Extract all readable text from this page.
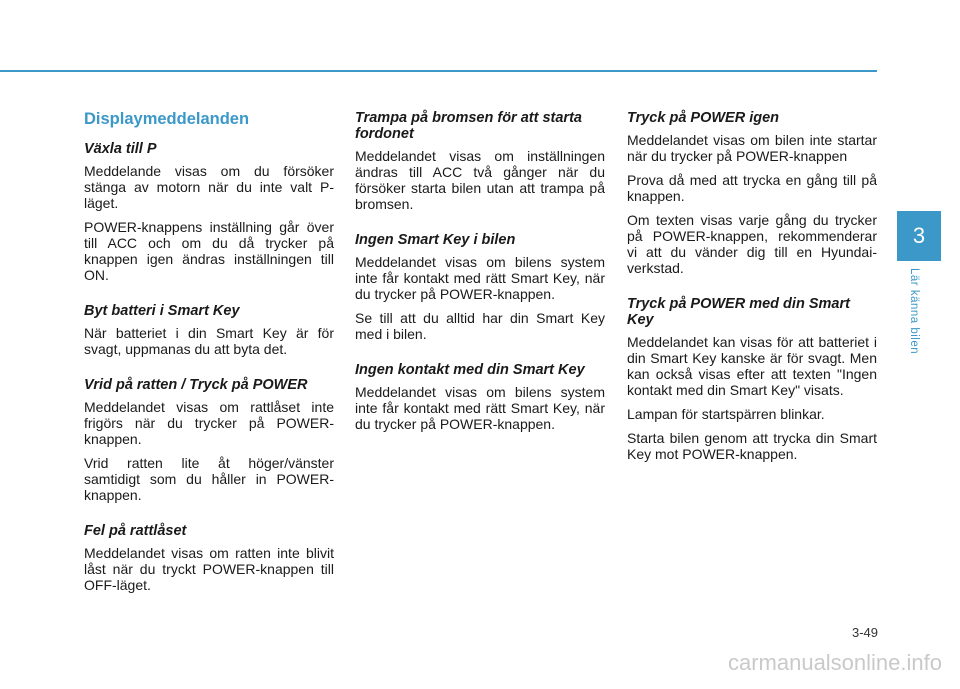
Displaymeddelanden
Växla till P

Meddelande visas om du försöker stänga av motorn när du inte valt P-läget.

POWER-knappens inställning går över till ACC och om du då trycker på knappen igen ändras inställningen till ON.

Byt batteri i Smart Key

När batteriet i din Smart Key är för svagt, uppmanas du att byta det.

Vrid på ratten / Tryck på POWER

Meddelandet visas om rattlåset inte frigörs när du trycker på POWER-knappen.

Vrid ratten lite åt höger/vänster samtidigt som du håller in POWER-knappen.

Fel på rattlåset

Meddelandet visas om ratten inte blivit låst när du tryckt POWER-knappen till OFF-läget.

Trampa på bromsen för att starta fordonet

Meddelandet visas om inställningen ändras till ACC två gånger när du försöker starta bilen utan att trampa på bromsen.

Ingen Smart Key i bilen

Meddelandet visas om bilens system inte får kontakt med rätt Smart Key, när du trycker på POWER-knappen.

Se till att du alltid har din Smart Key med i bilen.

Ingen kontakt med din Smart Key

Meddelandet visas om bilens system inte får kontakt med rätt Smart Key, när du trycker på POWER-knappen.

Tryck på POWER igen

Meddelandet visas om bilen inte startar när du trycker på POWER-knappen

Prova då med att trycka en gång till på knappen.

Om texten visas varje gång du trycker på POWER-knappen, rekommenderar vi att du vänder dig till en Hyundai-verkstad.

Tryck på POWER med din Smart Key

Meddelandet kan visas för att batteriet i din Smart Key kanske är för svagt. Men kan också visas efter att texten "Ingen kontakt med din Smart Key" visats.

Lampan för startspärren blinkar.

Starta bilen genom att trycka din Smart Key mot POWER-knappen.

3
Lär känna bilen
3-49
carmanualsonline.info
